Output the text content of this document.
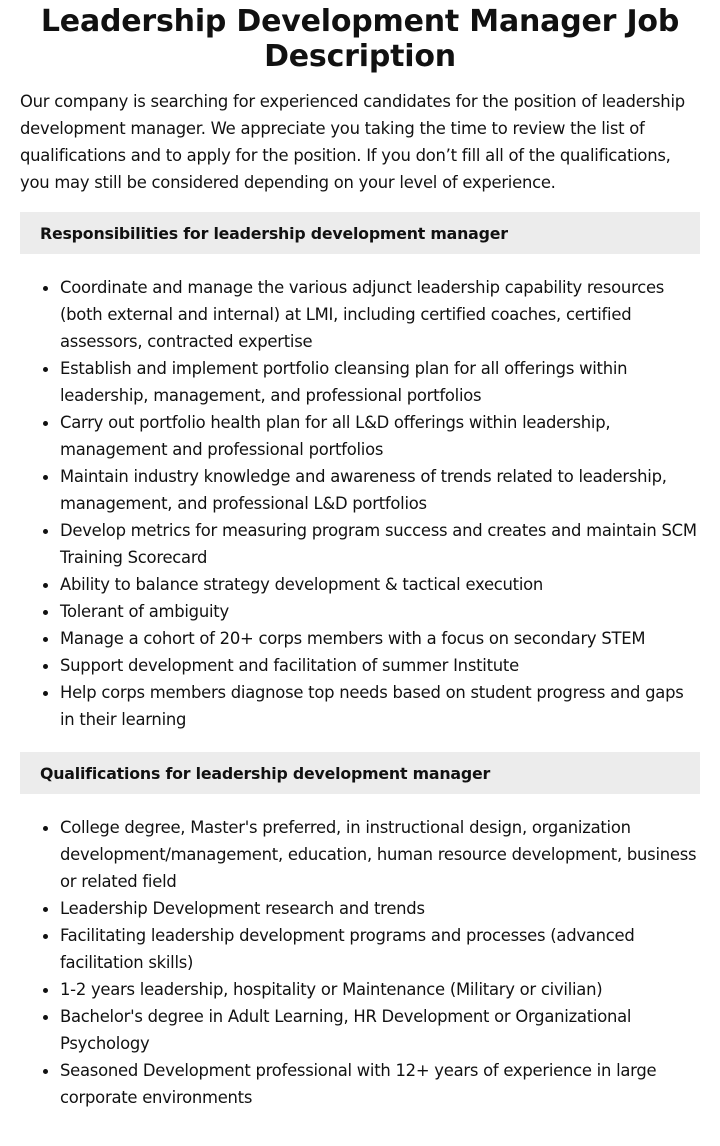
Leadership Development Manager Job Description

Our company is searching for experienced candidates for the position of leadership development manager. We appreciate you taking the time to review the list of qualifications and to apply for the position. If you don’t fill all of the qualifications, you may still be considered depending on your level of experience.

Responsibilities for leadership development manager
Coordinate and manage the various adjunct leadership capability resources (both external and internal) at LMI, including certified coaches, certified assessors, contracted expertise
Establish and implement portfolio cleansing plan for all offerings within leadership, management, and professional portfolios
Carry out portfolio health plan for all L&D offerings within leadership, management and professional portfolios
Maintain industry knowledge and awareness of trends related to leadership, management, and professional L&D portfolios
Develop metrics for measuring program success and creates and maintain SCM Training Scorecard
Ability to balance strategy development & tactical execution
Tolerant of ambiguity
Manage a cohort of 20+ corps members with a focus on secondary STEM
Support development and facilitation of summer Institute
Help corps members diagnose top needs based on student progress and gaps in their learning
Qualifications for leadership development manager
College degree, Master's preferred, in instructional design, organization development/management, education, human resource development, business or related field
Leadership Development research and trends
Facilitating leadership development programs and processes (advanced facilitation skills)
1-2 years leadership, hospitality or Maintenance (Military or civilian)
Bachelor's degree in Adult Learning, HR Development or Organizational Psychology
Seasoned Development professional with 12+ years of experience in large corporate environments
